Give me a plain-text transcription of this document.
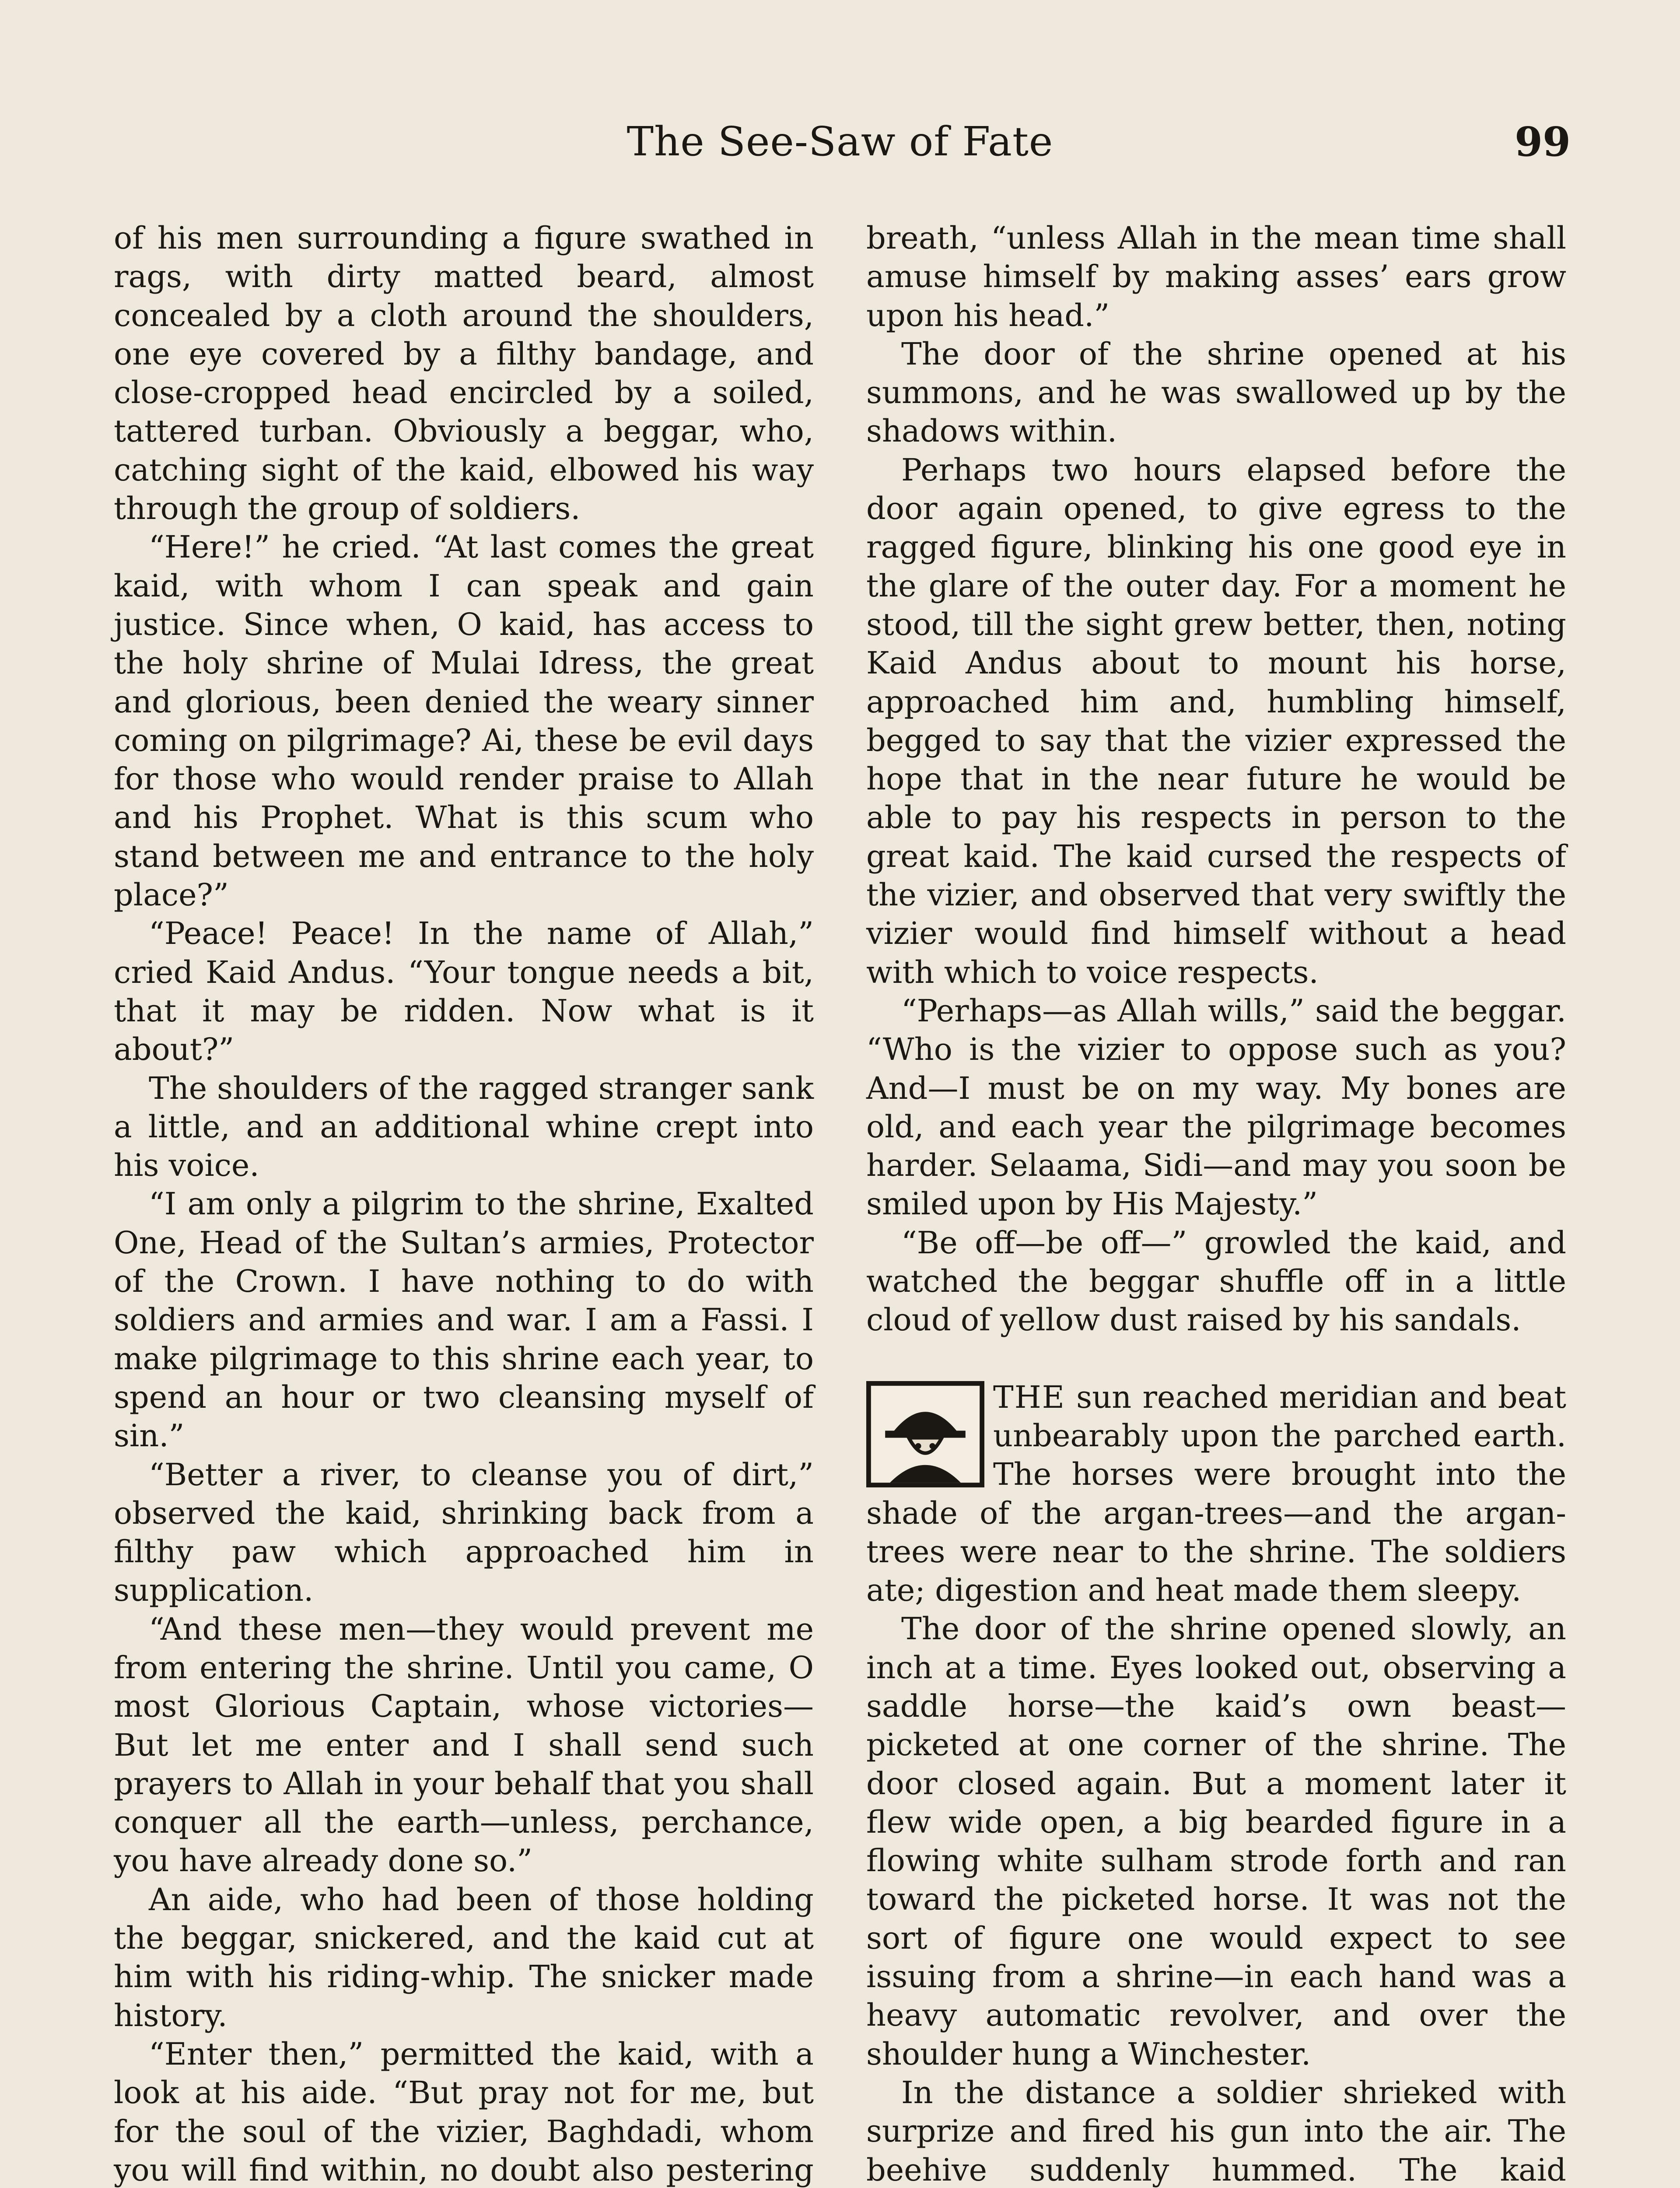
The See-Saw of Fate	99

of his men surrounding a figure swathed in rags, with dirty matted beard, almost concealed by a cloth around the shoulders, one eye covered by a filthy bandage, and close-cropped head encircled by a soiled, tattered turban. Obviously a beggar, who, catching sight of the kaid, elbowed his way through the group of soldiers.

“Here!” he cried. “At last comes the great kaid, with whom I can speak and gain justice. Since when, O kaid, has access to the holy shrine of Mulai Idress, the great and glorious, been denied the weary sinner coming on pilgrimage? Ai, these be evil days for those who would render praise to Allah and his Prophet. What is this scum who stand between me and entrance to the holy place?”

“Peace! Peace! In the name of Allah,” cried Kaid Andus. “Your tongue needs a bit, that it may be ridden. Now what is it about?”

The shoulders of the ragged stranger sank a little, and an additional whine crept into his voice.

“I am only a pilgrim to the shrine, Exalted One, Head of the Sultan’s armies, Protector of the Crown. I have nothing to do with soldiers and armies and war. I am a Fassi. I make pilgrimage to this shrine each year, to spend an hour or two cleansing myself of sin.”

“Better a river, to cleanse you of dirt,” observed the kaid, shrinking back from a filthy paw which approached him in supplication.

“And these men—they would prevent me from entering the shrine. Until you came, O most Glorious Captain, whose victories— But let me enter and I shall send such prayers to Allah in your behalf that you shall conquer all the earth—unless, perchance, you have already done so.”

An aide, who had been of those holding the beggar, snickered, and the kaid cut at him with his riding-whip. The snicker made history.

“Enter then,” permitted the kaid, with a look at his aide. “But pray not for me, but for the soul of the vizier, Baghdadi, whom you will find within, no doubt also pestering

breath, “unless Allah in the mean time shall amuse himself by making asses’ ears grow upon his head.”

The door of the shrine opened at his summons, and he was swallowed up by the shadows within.

Perhaps two hours elapsed before the door again opened, to give egress to the ragged figure, blinking his one good eye in the glare of the outer day. For a moment he stood, till the sight grew better, then, noting Kaid Andus about to mount his horse, approached him and, humbling himself, begged to say that the vizier expressed the hope that in the near future he would be able to pay his respects in person to the great kaid. The kaid cursed the respects of the vizier, and observed that very swiftly the vizier would find himself without a head with which to voice respects.

“Perhaps—as Allah wills,” said the beggar. “Who is the vizier to oppose such as you? And—I must be on my way. My bones are old, and each year the pilgrimage becomes harder. Selaama, Sidi—and may you soon be smiled upon by His Majesty.”

“Be off—be off—” growled the kaid, and watched the beggar shuffle off in a little cloud of yellow dust raised by his sandals.

THE sun reached meridian and beat unbearably upon the parched earth. The horses were brought into the shade of the argan-trees—and the argan-trees were near to the shrine. The soldiers ate; digestion and heat made them sleepy.

The door of the shrine opened slowly, an inch at a time. Eyes looked out, observing a saddle horse—the kaid’s own beast—picketed at one corner of the shrine. The door closed again. But a moment later it flew wide open, a big bearded figure in a flowing white sulham strode forth and ran toward the picketed horse. It was not the sort of figure one would expect to see issuing from a shrine—in each hand was a heavy automatic revolver, and over the shoulder hung a Winchester.

In the distance a soldier shrieked with surprize and fired his gun into the air. The beehive suddenly hummed. The kaid
